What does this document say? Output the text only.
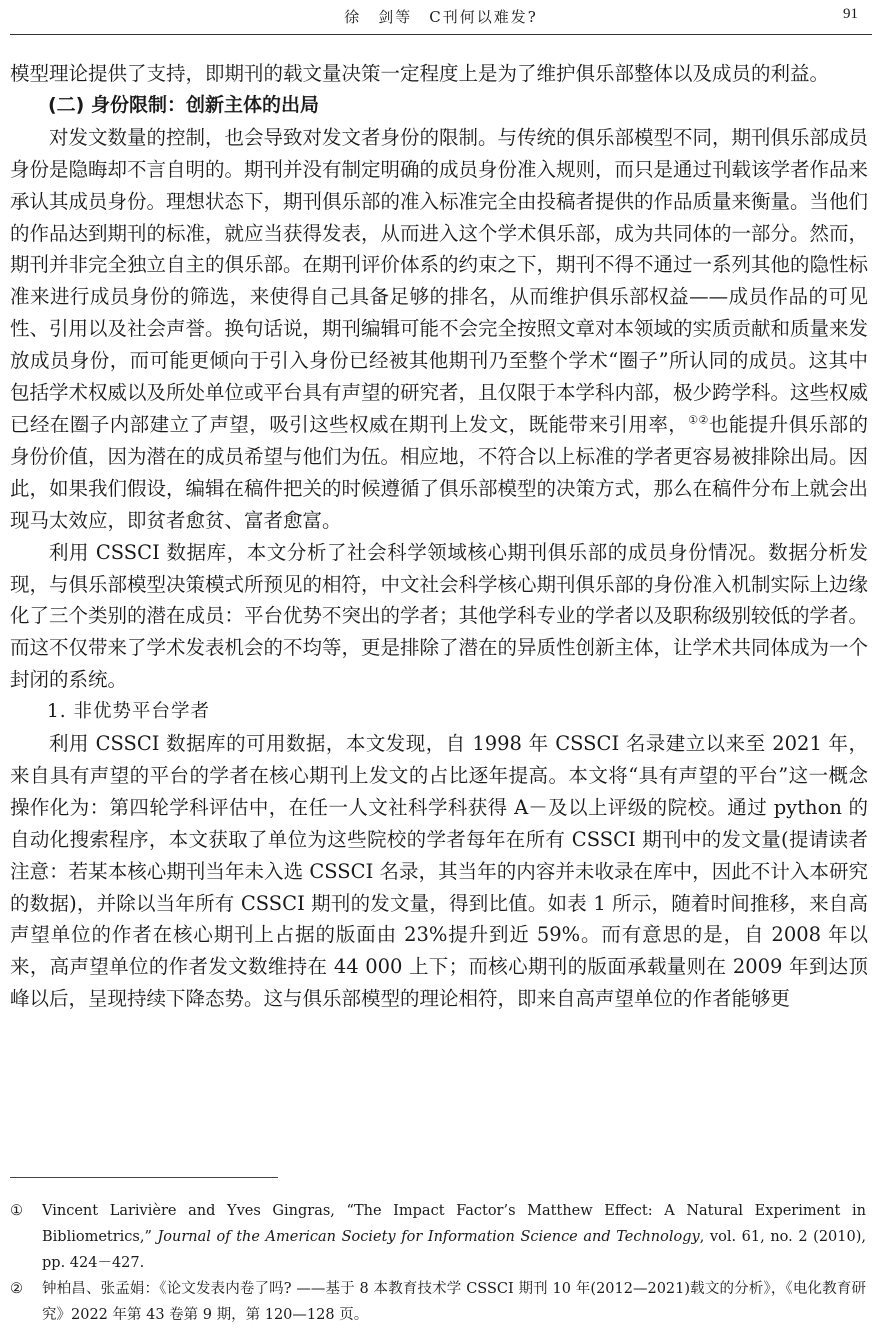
徐　剑等　C刊何以难发?	91

模型理论提供了支持，即期刊的载文量决策一定程度上是为了维护俱乐部整体以及成员的利益。

(二) 身份限制：创新主体的出局

对发文数量的控制，也会导致对发文者身份的限制。与传统的俱乐部模型不同，期刊俱乐部成员身份是隐晦却不言自明的。期刊并没有制定明确的成员身份准入规则，而只是通过刊载该学者作品来承认其成员身份。理想状态下，期刊俱乐部的准入标准完全由投稿者提供的作品质量来衡量。当他们的作品达到期刊的标准，就应当获得发表，从而进入这个学术俱乐部，成为共同体的一部分。然而，期刊并非完全独立自主的俱乐部。在期刊评价体系的约束之下，期刊不得不通过一系列其他的隐性标准来进行成员身份的筛选，来使得自己具备足够的排名，从而维护俱乐部权益——成员作品的可见性、引用以及社会声誉。换句话说，期刊编辑可能不会完全按照文章对本领域的实质贡献和质量来发放成员身份，而可能更倾向于引入身份已经被其他期刊乃至整个学术“圈子”所认同的成员。这其中包括学术权威以及所处单位或平台具有声望的研究者，且仅限于本学科内部，极少跨学科。这些权威已经在圈子内部建立了声望，吸引这些权威在期刊上发文，既能带来引用率，①②也能提升俱乐部的身份价值，因为潜在的成员希望与他们为伍。相应地，不符合以上标准的学者更容易被排除出局。因此，如果我们假设，编辑在稿件把关的时候遵循了俱乐部模型的决策方式，那么在稿件分布上就会出现马太效应，即贫者愈贫、富者愈富。

利用 CSSCI 数据库，本文分析了社会科学领域核心期刊俱乐部的成员身份情况。数据分析发现，与俱乐部模型决策模式所预见的相符，中文社会科学核心期刊俱乐部的身份准入机制实际上边缘化了三个类别的潜在成员：平台优势不突出的学者；其他学科专业的学者以及职称级别较低的学者。而这不仅带来了学术发表机会的不均等，更是排除了潜在的异质性创新主体，让学术共同体成为一个封闭的系统。

1. 非优势平台学者

利用 CSSCI 数据库的可用数据，本文发现，自 1998 年 CSSCI 名录建立以来至 2021 年，来自具有声望的平台的学者在核心期刊上发文的占比逐年提高。本文将“具有声望的平台”这一概念操作化为：第四轮学科评估中，在任一人文社科学科获得 A－及以上评级的院校。通过 python 的自动化搜索程序，本文获取了单位为这些院校的学者每年在所有 CSSCI 期刊中的发文量(提请读者注意：若某本核心期刊当年未入选 CSSCI 名录，其当年的内容并未收录在库中，因此不计入本研究的数据)，并除以当年所有 CSSCI 期刊的发文量，得到比值。如表 1 所示，随着时间推移，来自高声望单位的作者在核心期刊上占据的版面由 23%提升到近 59%。而有意思的是，自 2008 年以来，高声望单位的作者发文数维持在 44 000 上下；而核心期刊的版面承载量则在 2009 年到达顶峰以后，呈现持续下降态势。这与俱乐部模型的理论相符，即来自高声望单位的作者能够更

①	Vincent Larivière and Yves Gingras, “The Impact Factor’s Matthew Effect: A Natural Experiment in Bibliometrics,” Journal of the American Society for Information Science and Technology, vol. 61, no. 2 (2010), pp. 424－427.
②	钟柏昌、张孟娟：《论文发表内卷了吗? ——基于 8 本教育技术学 CSSCI 期刊 10 年(2012—2021)载文的分析》，《电化教育研究》2022 年第 43 卷第 9 期，第 120—128 页。
